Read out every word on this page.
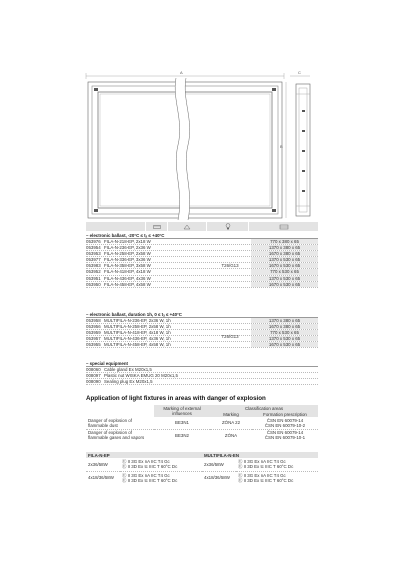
A	C
B
– electronic ballast, -20°C ≤ tₐ ≤ +40°C
053976 FILA-N-218-EP, 2x18 W	770 x 380 x 65
053954 FILA-N-236-EP, 2x36 W	1370 x 380 x 65
053953 FILA-N-258-EP, 2x58 W	1670 x 380 x 65
053977 FILA-N-336-EP, 3x36 W	1370 x 530 x 65
053983 FILA-N-358-EP, 3x58 W	1670 x 530 x 65
053952 FILA-N-418-EP, 4x18 W	770 x 530 x 65
053951 FILA-N-436-EP, 4x36 W	1370 x 530 x 65
053950 FILA-N-458-EP, 4x58 W	1670 x 530 x 65
T26/G13
– electronic ballast, duration 1h, 0 ≤ tₐ ≤ +40°C
053958 MULTIFILA-N-236-EP, 2x36 W, 1h	1370 x 380 x 65
053956 MULTIFILA-N-258-EP, 2x58 W, 1h	1670 x 380 x 65
053959 MULTIFILA-N-418-EP, 4x18 W, 1h	770 x 530 x 65
053957 MULTIFILA-N-436-EP, 4x36 W, 1h	1370 x 530 x 65
053955 MULTIFILA-N-458-EP, 4x58 W, 1h	1670 x 530 x 65
T26/G13
– special equipment
008060 Cable gland Ex M20x1,5
008097 Plastic nut WISKA EMUG 20 M20x1,5
008090 Sealing plug Ex M20x1,5
Application of light fixtures in areas with danger of explosion
	Marking of external influences	Classification areas	
		Marking	Formation prescription
Danger of explosion of flammable dust	BE3N1	ZÓNA 22	ČSN EN 60079-14
ČSN EN 60079-10-2
Danger of explosion of flammable gases and vapors	BE3N2	ZÓNA	ČSN EN 60079-14
ČSN EN 60079-10-1
FILA-N-EP		MULTIFILA-N-EN	
2x36/58W	Ⓔ II 3G Ex nA IIC T4 Gc
Ⓔ II 3D Ex tc IIIC T 60°C Dc	2x36/58W	Ⓔ II 3G Ex nA IIC T4 Gc
Ⓔ II 3D Ex tc IIIC T 60°C Dc
4x18/36/58W	Ⓔ II 3G Ex nA IIC T4 Gc
Ⓔ II 3D Ex tc IIIC T 60°C Dc	4x18/36/58W	Ⓔ II 3G Ex nA IIC T4 Gc
Ⓔ II 3D Ex tc IIIC T 60°C Dc
